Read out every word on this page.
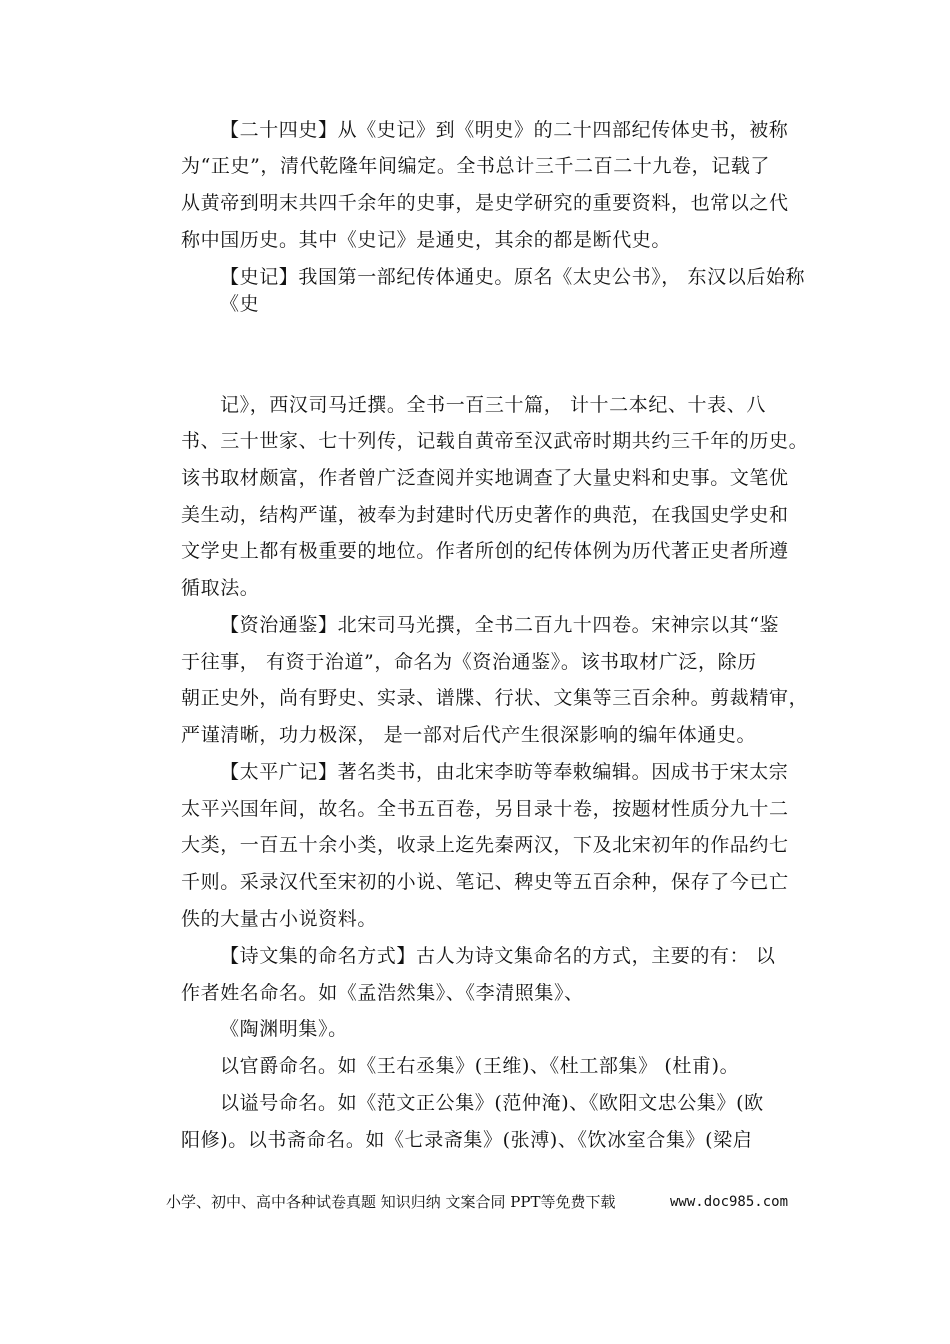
【二十四史】从《史记》到《明史》的二十四部纪传体史书，被称
为“正史”，清代乾隆年间编定。全书总计三千二百二十九卷，记载了
从黄帝到明末共四千余年的史事，是史学研究的重要资料，也常以之代
称中国历史。其中《史记》是通史，其余的都是断代史。
【史记】我国第一部纪传体通史。原名《太史公书》， 东汉以后始称
《史
记》，西汉司马迁撰。全书一百三十篇， 计十二本纪、十表、八
书、三十世家、七十列传，记载自黄帝至汉武帝时期共约三千年的历史。
该书取材颇富，作者曾广泛查阅并实地调查了大量史料和史事。文笔优
美生动，结构严谨，被奉为封建时代历史著作的典范，在我国史学史和
文学史上都有极重要的地位。作者所创的纪传体例为历代著正史者所遵
循取法。
【资治通鉴】北宋司马光撰，全书二百九十四卷。宋神宗以其“鉴
于往事， 有资于治道”，命名为《资治通鉴》。该书取材广泛，除历
朝正史外，尚有野史、实录、谱牒、行状、文集等三百余种。剪裁精审，
严谨清晰，功力极深， 是一部对后代产生很深影响的编年体通史。
【太平广记】著名类书，由北宋李昉等奉敕编辑。因成书于宋太宗
太平兴国年间，故名。全书五百卷，另目录十卷，按题材性质分九十二
大类，一百五十余小类，收录上迄先秦两汉，下及北宋初年的作品约七
千则。采录汉代至宋初的小说、笔记、稗史等五百余种，保存了今已亡
佚的大量古小说资料。
【诗文集的命名方式】古人为诗文集命名的方式，主要的有： 以
作者姓名命名。如《孟浩然集》、《李清照集》、
《陶渊明集》。
以官爵命名。如《王右丞集》(王维)、《杜工部集》 (杜甫)。
以谥号命名。如《范文正公集》(范仲淹)、《欧阳文忠公集》(欧
阳修)。以书斋命名。如《七录斋集》(张溥)、《饮冰室合集》(梁启
小学、初中、高中各种试卷真题 知识归纳 文案合同 PPT等免费下载	www.doc985.com
